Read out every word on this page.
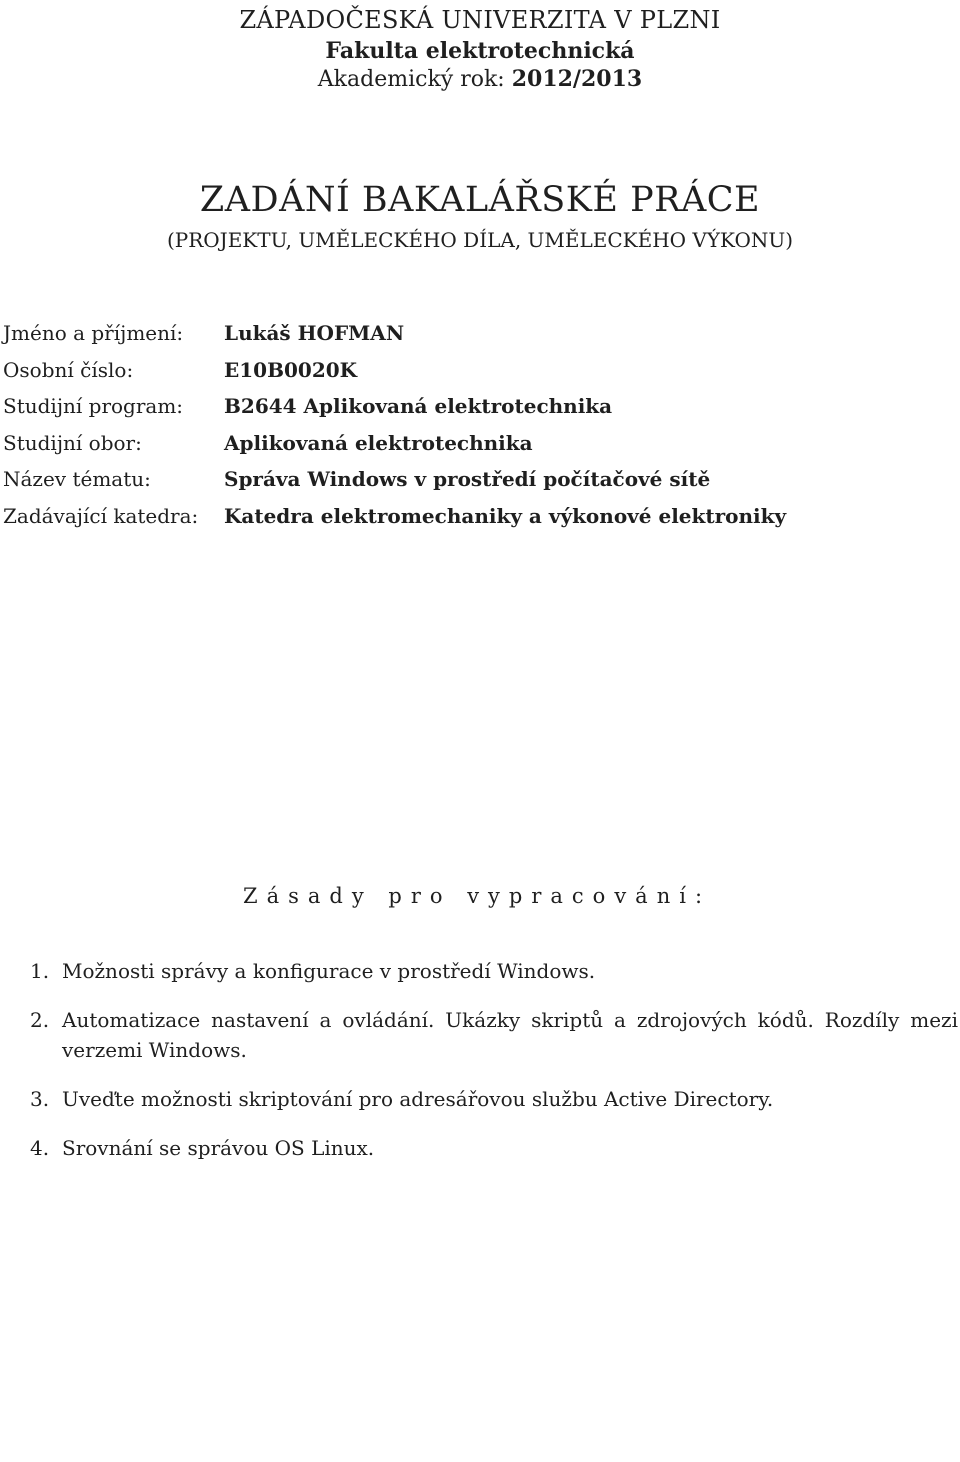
ZÁPADOČESKÁ UNIVERZITA V PLZNI
Fakulta elektrotechnická
Akademický rok: 2012/2013
ZADÁNÍ BAKALÁŘSKÉ PRÁCE
(PROJEKTU, UMĚLECKÉHO DÍLA, UMĚLECKÉHO VÝKONU)
Jméno a příjmení: Lukáš HOFMAN
Osobní číslo:	E10B0020K
Studijní program: B2644 Aplikovaná elektrotechnika
Studijní obor:	Aplikovaná elektrotechnika
Název tématu:	Správa Windows v prostředí počítačové sítě
Zadávající katedra: Katedra elektromechaniky a výkonové elektroniky
Zásady pro vypracování:
1. Možnosti správy a konfigurace v prostředí Windows.
2. Automatizace nastavení a ovládání. Ukázky skriptů a zdrojových kódů. Rozdíly mezi verzemi Windows.
3. Uveďte možnosti skriptování pro adresářovou službu Active Directory.
4. Srovnání se správou OS Linux.
